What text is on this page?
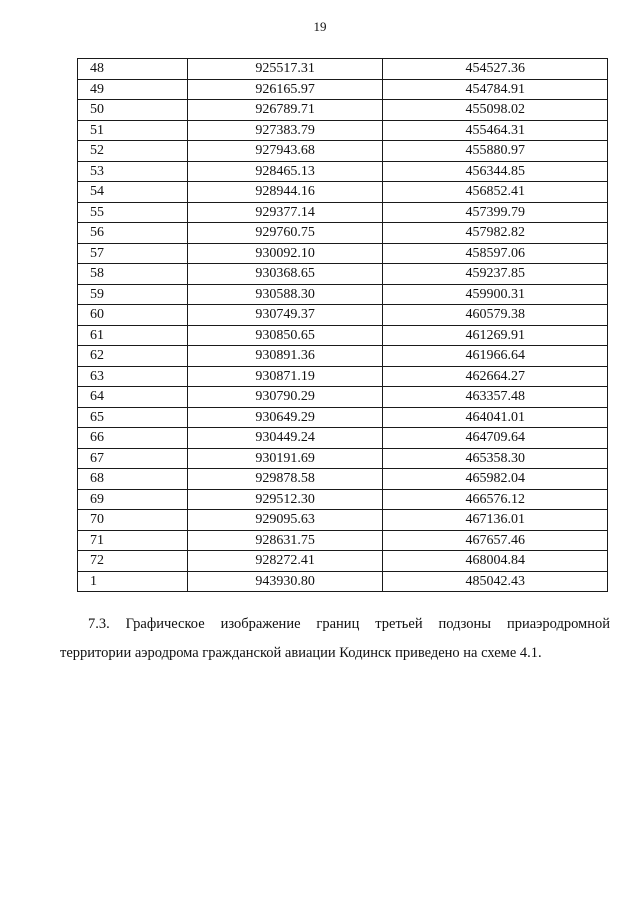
19
48	925517.31	454527.36
49	926165.97	454784.91
50	926789.71	455098.02
51	927383.79	455464.31
52	927943.68	455880.97
53	928465.13	456344.85
54	928944.16	456852.41
55	929377.14	457399.79
56	929760.75	457982.82
57	930092.10	458597.06
58	930368.65	459237.85
59	930588.30	459900.31
60	930749.37	460579.38
61	930850.65	461269.91
62	930891.36	461966.64
63	930871.19	462664.27
64	930790.29	463357.48
65	930649.29	464041.01
66	930449.24	464709.64
67	930191.69	465358.30
68	929878.58	465982.04
69	929512.30	466576.12
70	929095.63	467136.01
71	928631.75	467657.46
72	928272.41	468004.84
1	943930.80	485042.43
7.3. Графическое изображение границ третьей подзоны приаэродромной
территории аэродрома гражданской авиации Кодинск приведено на схеме 4.1.
